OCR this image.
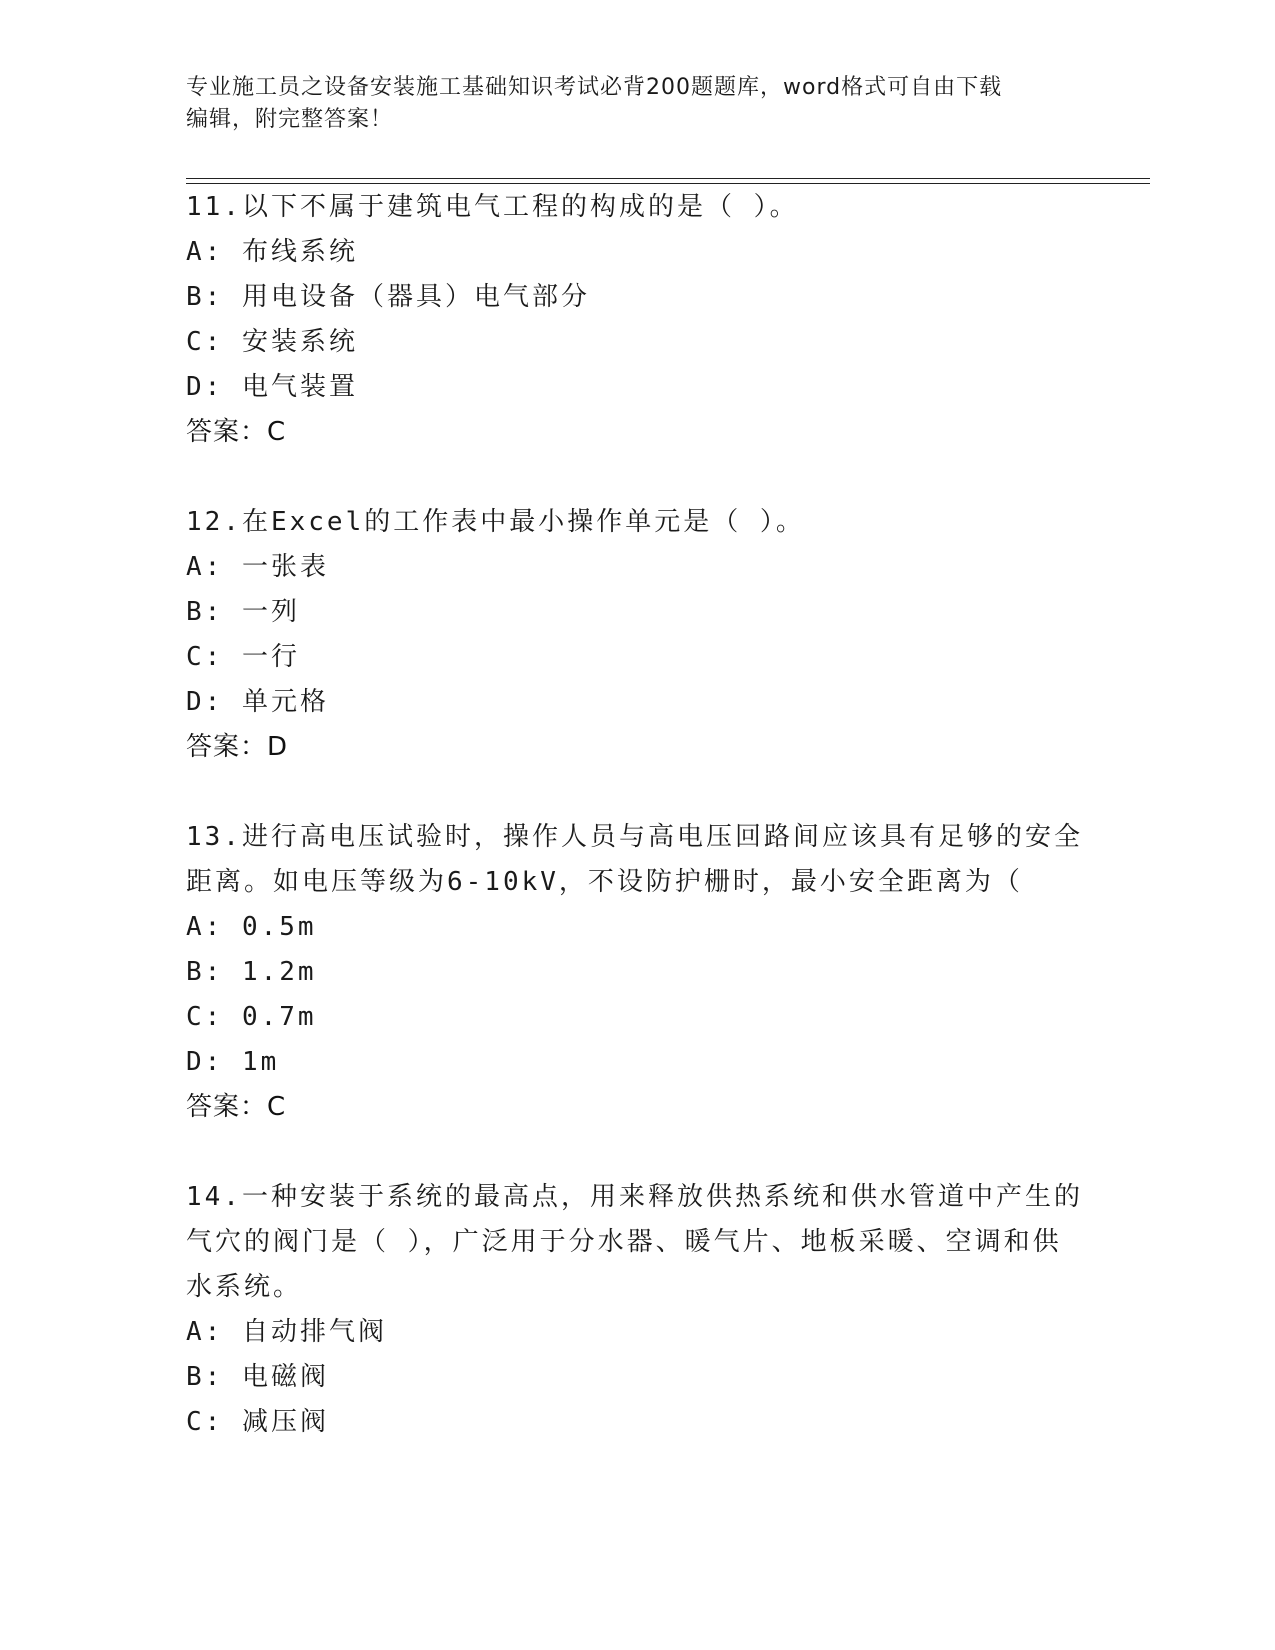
专业施工员之设备安装施工基础知识考试必背200题题库，word格式可自由下载
编辑，附完整答案！

11.以下不属于建筑电气工程的构成的是（ ）。

A: 布线系统

B: 用电设备（器具）电气部分

C: 安装系统

D: 电气装置

答案：C

12.在Excel的工作表中最小操作单元是（ ）。

A: 一张表

B: 一列

C: 一行

D: 单元格

答案：D

13.进行高电压试验时，操作人员与高电压回路间应该具有足够的安全

距离。如电压等级为6-10kV，不设防护栅时，最小安全距离为（

A: 0.5m

B: 1.2m

C: 0.7m

D: 1m

答案：C

14.一种安装于系统的最高点，用来释放供热系统和供水管道中产生的

气穴的阀门是（ ），广泛用于分水器、暖气片、地板采暖、空调和供

水系统。

A: 自动排气阀

B: 电磁阀

C: 减压阀
